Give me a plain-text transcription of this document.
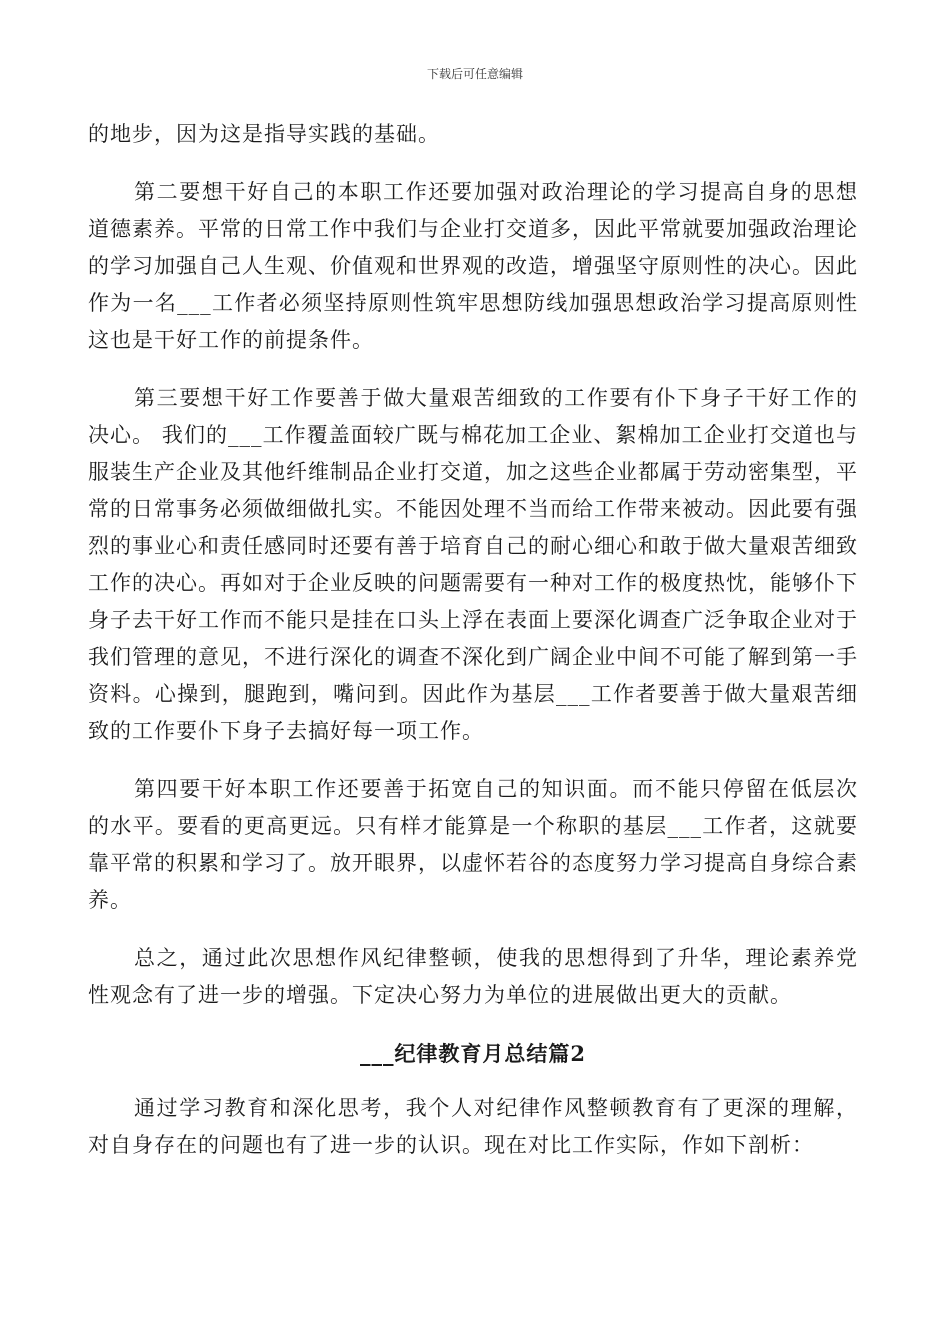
下载后可任意编辑

的地步，因为这是指导实践的基础。

第二要想干好自己的本职工作还要加强对政治理论的学习提高自身的思想道德素养。平常的日常工作中我们与企业打交道多，因此平常就要加强政治理论的学习加强自己人生观、价值观和世界观的改造，增强坚守原则性的决心。因此作为一名___工作者必须坚持原则性筑牢思想防线加强思想政治学习提高原则性这也是干好工作的前提条件。

第三要想干好工作要善于做大量艰苦细致的工作要有仆下身子干好工作的决心。 我们的___工作覆盖面较广既与棉花加工企业、絮棉加工企业打交道也与服装生产企业及其他纤维制品企业打交道，加之这些企业都属于劳动密集型，平常的日常事务必须做细做扎实。不能因处理不当而给工作带来被动。因此要有强烈的事业心和责任感同时还要有善于培育自己的耐心细心和敢于做大量艰苦细致工作的决心。再如对于企业反映的问题需要有一种对工作的极度热忱，能够仆下身子去干好工作而不能只是挂在口头上浮在表面上要深化调查广泛争取企业对于我们管理的意见，不进行深化的调查不深化到广阔企业中间不可能了解到第一手资料。心操到，腿跑到，嘴问到。因此作为基层___工作者要善于做大量艰苦细致的工作要仆下身子去搞好每一项工作。

第四要干好本职工作还要善于拓宽自己的知识面。而不能只停留在低层次的水平。要看的更高更远。只有样才能算是一个称职的基层___工作者，这就要靠平常的积累和学习了。放开眼界，以虚怀若谷的态度努力学习提高自身综合素养。

总之，通过此次思想作风纪律整顿，使我的思想得到了升华，理论素养党性观念有了进一步的增强。下定决心努力为单位的进展做出更大的贡献。

___纪律教育月总结篇2

通过学习教育和深化思考，我个人对纪律作风整顿教育有了更深的理解，对自身存在的问题也有了进一步的认识。现在对比工作实际，作如下剖析：
